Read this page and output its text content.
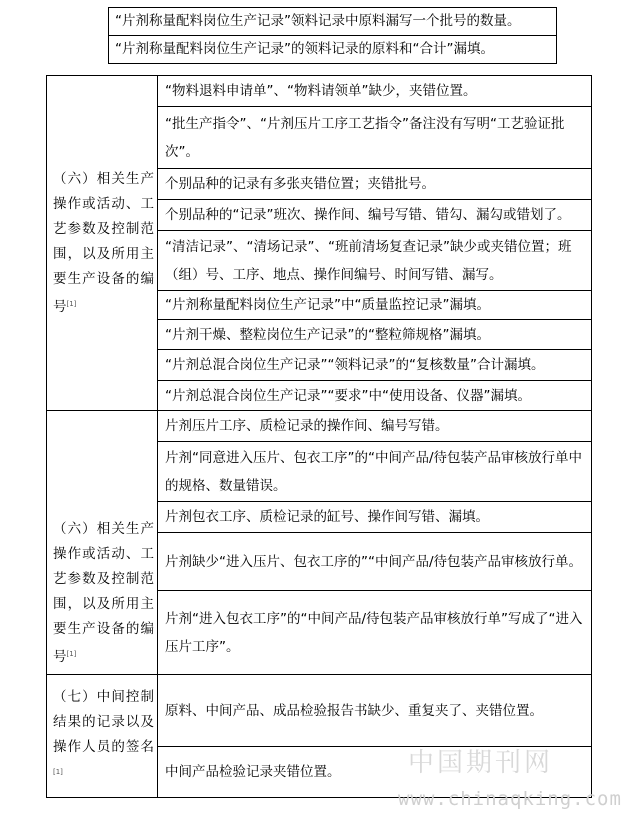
“片剂称量配料岗位生产记录”领料记录中原料漏写一个批号的数量。
“片剂称量配料岗位生产记录”的领料记录的原料和“合计”漏填。
（六）相关生产操作或活动、工艺参数及控制范围，以及所用主要生产设备的编号[1]	“物料退料申请单”、“物料请领单”缺少，夹错位置。
	“批生产指令”、“片剂压片工序工艺指令”备注没有写明“工艺验证批次”。
	个别品种的记录有多张夹错位置；夹错批号。
	个别品种的“记录”班次、操作间、编号写错、错勾、漏勾或错划了。
	“清洁记录”、“清场记录”、“班前清场复查记录”缺少或夹错位置；班（组）号、工序、地点、操作间编号、时间写错、漏写。
	“片剂称量配料岗位生产记录”中“质量监控记录”漏填。
	“片剂干燥、整粒岗位生产记录”的“整粒筛规格”漏填。
	“片剂总混合岗位生产记录”“领料记录”的“复核数量”合计漏填。
	“片剂总混合岗位生产记录”“要求”中“使用设备、仪器”漏填。
（六）相关生产操作或活动、工艺参数及控制范围，以及所用主要生产设备的编号[1]	片剂压片工序、质检记录的操作间、编号写错。
	片剂“同意进入压片、包衣工序”的“中间产品/待包装产品审核放行单中的规格、数量错误。
	片剂包衣工序、质检记录的缸号、操作间写错、漏填。
	片剂缺少“进入压片、包衣工序的”“中间产品/待包装产品审核放行单。
	片剂“进入包衣工序”的“中间产品/待包装产品审核放行单”写成了“进入压片工序”。
（七）中间控制结果的记录以及操作人员的签名[1]	原料、中间产品、成品检验报告书缺少、重复夹了、夹错位置。
	中间产品检验记录夹错位置。	中国期刊网
www.chinaqking.com
